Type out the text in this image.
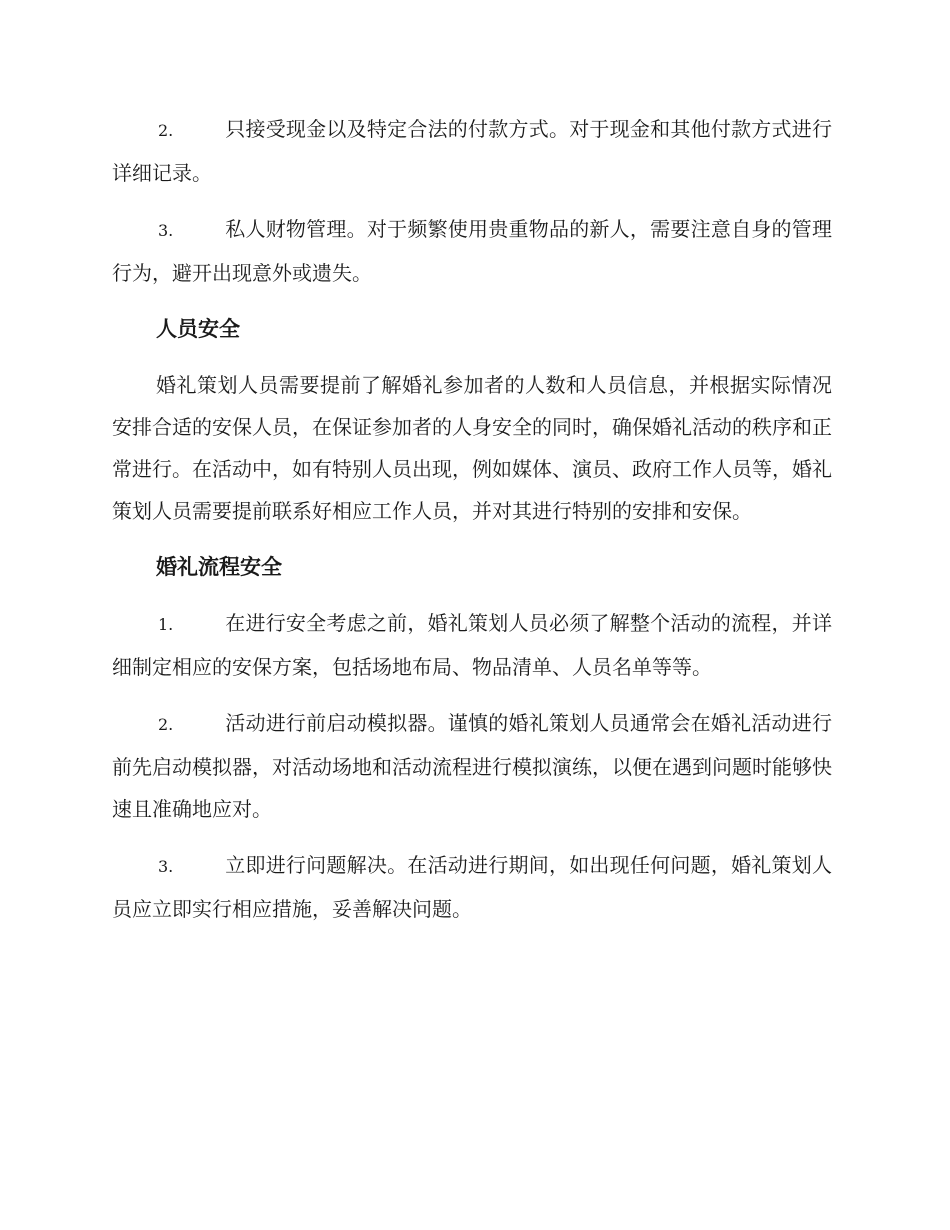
2.	只接受现金以及特定合法的付款方式。对于现金和其他付款方式进行详细记录。

3.	私人财物管理。对于频繁使用贵重物品的新人，需要注意自身的管理行为，避开出现意外或遗失。

人员安全

婚礼策划人员需要提前了解婚礼参加者的人数和人员信息，并根据实际情况安排合适的安保人员，在保证参加者的人身安全的同时，确保婚礼活动的秩序和正常进行。在活动中，如有特别人员出现，例如媒体、演员、政府工作人员等，婚礼策划人员需要提前联系好相应工作人员，并对其进行特别的安排和安保。

婚礼流程安全

1.	在进行安全考虑之前，婚礼策划人员必须了解整个活动的流程，并详细制定相应的安保方案，包括场地布局、物品清单、人员名单等等。

2.	活动进行前启动模拟器。谨慎的婚礼策划人员通常会在婚礼活动进行前先启动模拟器，对活动场地和活动流程进行模拟演练，以便在遇到问题时能够快速且准确地应对。

3.	立即进行问题解决。在活动进行期间，如出现任何问题，婚礼策划人员应立即实行相应措施，妥善解决问题。
